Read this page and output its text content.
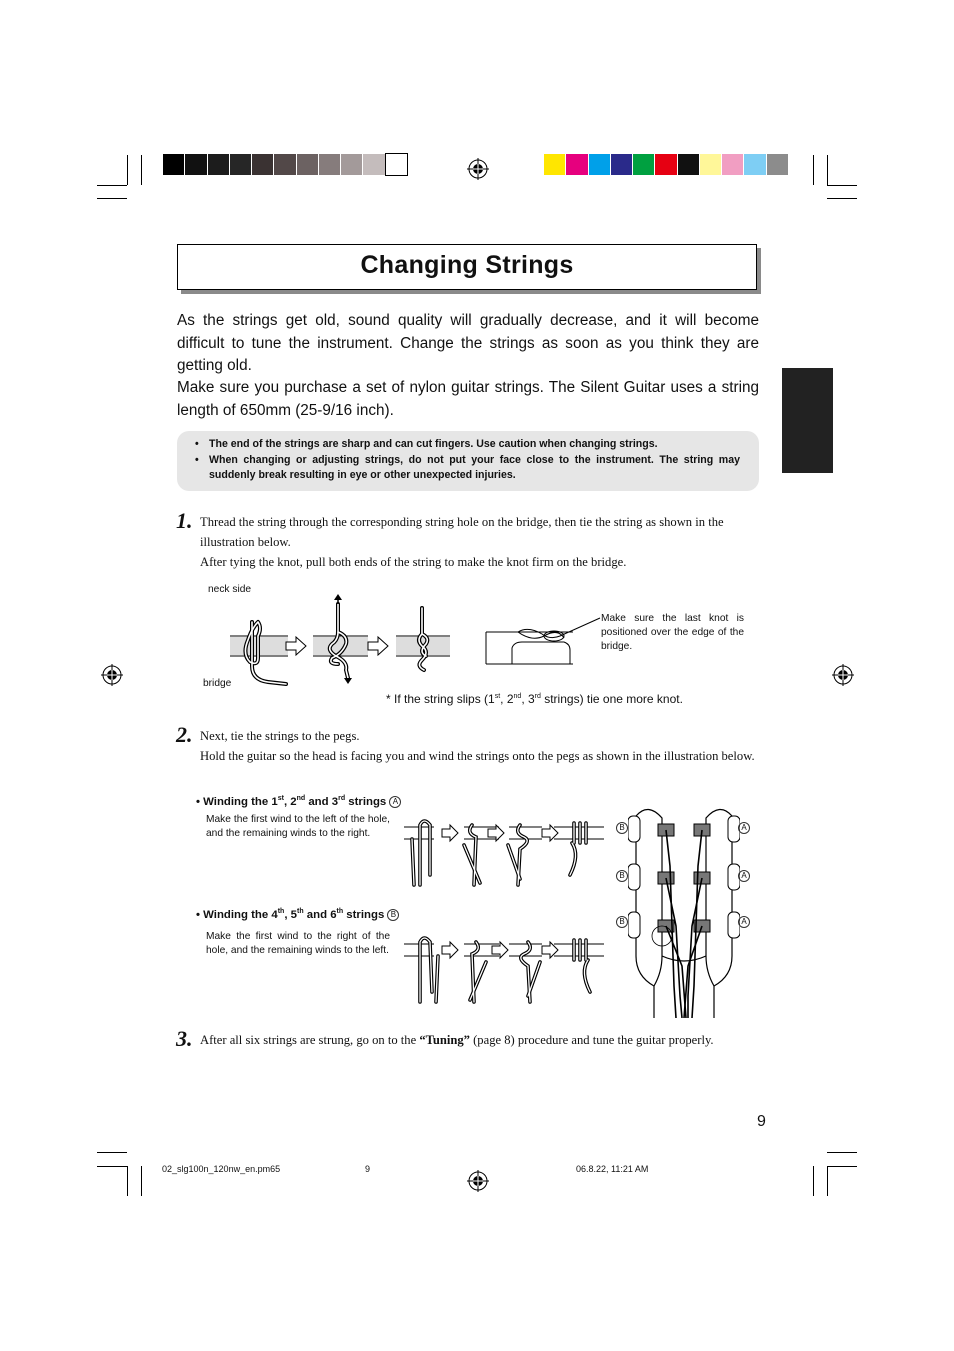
Changing Strings
As the strings get old, sound quality will gradually decrease, and it will become difficult to tune the instrument. Change the strings as soon as you think they are getting old.
Make sure you purchase a set of nylon guitar strings. The Silent Guitar uses a string length of 650mm (25-9/16 inch).
• The end of the strings are sharp and can cut fingers. Use caution when changing strings.
• When changing or adjusting strings, do not put your face close to the instrument. The string may suddenly break resulting in eye or other unexpected injuries.
1. Thread the string through the corresponding string hole on the bridge, then tie the string as shown in the illustration below.
After tying the knot, pull both ends of the string to make the knot firm on the bridge.
neck side
bridge
Make sure the last knot is positioned over the edge of the bridge.
* If the string slips (1st, 2nd, 3rd strings) tie one more knot.
2. Next, tie the strings to the pegs.
Hold the guitar so the head is facing you and wind the strings onto the pegs as shown in the illustration below.
• Winding the 1st, 2nd and 3rd strings A
Make the first wind to the left of the hole, and the remaining winds to the right.
• Winding the 4th, 5th and 6th strings B
Make the first wind to the right of the hole, and the remaining winds to the left.
B
B
B
A
A
A
3. After all six strings are strung, go on to the “Tuning” (page 8) procedure and tune the guitar properly.
9
02_slg100n_120nw_en.pm65	9	06.8.22, 11:21 AM
